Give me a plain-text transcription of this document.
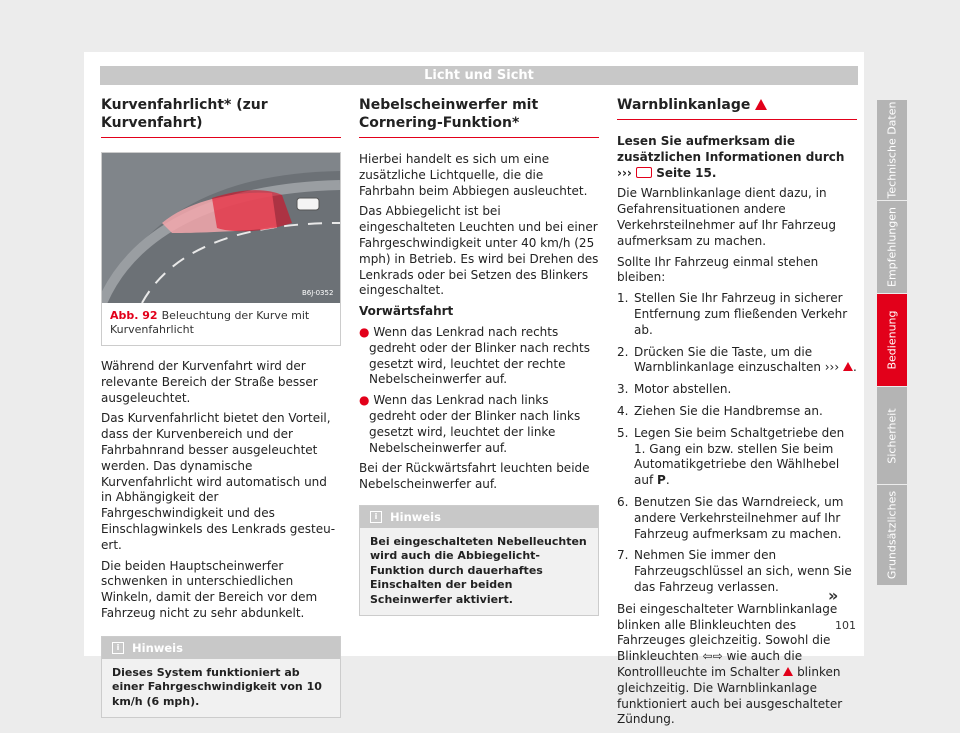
Licht und Sicht
Kurvenfahrlicht* (zur Kurvenfahrt)
B6J-0352
Abb. 92 Beleuchtung der Kurve mit Kurvenfahrlicht

Während der Kurvenfahrt wird der relevante Bereich der Straße besser ausgeleuchtet.

Das Kurvenfahrlicht bietet den Vorteil, dass der Kurvenbereich und der Fahrbahnrand besser ausgeleuchtet werden. Das dynamische Kurvenfahrlicht wird automatisch und in Abhängigkeit der Fahrgeschwindigkeit und des Einschlagwinkels des Lenkrads gesteuert.

Die beiden Hauptscheinwerfer schwenken in unterschiedlichen Winkeln, damit der Bereich vor dem Fahrzeug nicht zu sehr abdunkelt.

i Hinweis
Dieses System funktioniert ab einer Fahrgeschwindigkeit von 10 km/h (6 mph).
Nebelscheinwerfer mit Cornering-Funktion*

Hierbei handelt es sich um eine zusätzliche Lichtquelle, die die Fahrbahn beim Abbiegen ausleuchtet.

Das Abbiegelicht ist bei eingeschalteten Leuchten und bei einer Fahrgeschwindigkeit unter 40 km/h (25 mph) in Betrieb. Es wird bei Drehen des Lenkrads oder bei Setzen des Blinkers eingeschaltet.

Vorwärtsfahrt

● Wenn das Lenkrad nach rechts gedreht oder der Blinker nach rechts gesetzt wird, leuchtet der rechte Nebelscheinwerfer auf.

● Wenn das Lenkrad nach links gedreht oder der Blinker nach links gesetzt wird, leuchtet der linke Nebelscheinwerfer auf.

Bei der Rückwärtsfahrt leuchten beide Nebelscheinwerfer auf.

i Hinweis
Bei eingeschalteten Nebelleuchten wird auch die Abbiegelicht-Funktion durch dauerhaftes Einschalten der beiden Scheinwerfer aktiviert.
Warnblinkanlage

Lesen Sie aufmerksam die zusätzlichen Informationen durch ›››  Seite 15.

Die Warnblinkanlage dient dazu, in Gefahrensituationen andere Verkehrsteilnehmer auf Ihr Fahrzeug aufmerksam zu machen.

Sollte Ihr Fahrzeug einmal stehen bleiben:

1. Stellen Sie Ihr Fahrzeug in sicherer Entfernung zum fließenden Verkehr ab.
2. Drücken Sie die Taste, um die Warnblinkanlage einzuschalten ››› .
3. Motor abstellen.
4. Ziehen Sie die Handbremse an.
5. Legen Sie beim Schaltgetriebe den 1. Gang ein bzw. stellen Sie beim Automatikgetriebe den Wählhebel auf P.
6. Benutzen Sie das Warndreieck, um andere Verkehrsteilnehmer auf Ihr Fahrzeug aufmerksam zu machen.
7. Nehmen Sie immer den Fahrzeugschlüssel an sich, wenn Sie das Fahrzeug verlassen.

Bei eingeschalteter Warnblinkanlage blinken alle Blinkleuchten des Fahrzeuges gleichzeitig. Sowohl die Blinkleuchten ⇦⇨ wie auch die Kontrollleuchte im Schalter blinken gleichzeitig. Die Warnblinkanlage funktioniert auch bei ausgeschalteter Zündung.

»
Technische Daten
Empfehlungen
Bedienung
Sicherheit
Grundsätzliches
101
